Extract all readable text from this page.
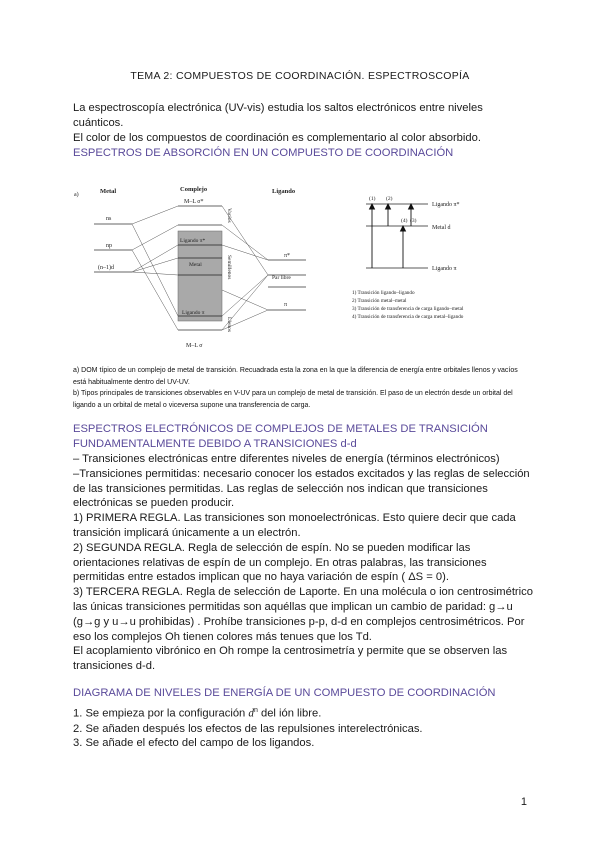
TEMA 2: COMPUESTOS DE COORDINACIÓN. ESPECTROSCOPÍA
La espectroscopía electrónica (UV-vis) estudia los saltos electrónicos entre niveles cuánticos.
El color de los compuestos de coordinación es complementario al color absorbido.
ESPECTROS DE ABSORCIÓN EN UN COMPUESTO DE COORDINACIÓN
a)	Metal	Complejo	Ligando
M–L σ*
Ligando π*
Metal
Ligando π
ns
np
(n–1)d
M–L σ
Vacíos
Semillenos
Llenos
π*
Par libre
π
(1) (2)
(4) (3)
Ligando π*
Metal d
Ligando π
1) Transición ligando–ligando
2) Transición metal–metal
3) Transición de transferencia de carga ligando–metal
4) Transición de transferencia de carga metal–ligando
a) DOM típico de un complejo de metal de transición. Recuadrada esta la zona en la que la diferencia de energía entre orbitales llenos y vacíos está habitualmente dentro del UV-UV.
b) Tipos principales de transiciones observables en V-UV para un complejo de metal de transición. El paso de un electrón desde un orbital del ligando a un orbital de metal o viceversa supone una transferencia de carga.
ESPECTROS ELECTRÓNICOS DE COMPLEJOS DE METALES DE TRANSICIÓN FUNDAMENTALMENTE DEBIDO A TRANSICIONES d-d
– Transiciones electrónicas entre diferentes niveles de energía (términos electrónicos)
–Transiciones permitidas: necesario conocer los estados excitados y las reglas de selección de las transiciones permitidas. Las reglas de selección nos indican que transiciones electrónicas se pueden producir.
1) PRIMERA REGLA. Las transiciones son monoelectrónicas. Esto quiere decir que cada transición implicará únicamente a un electrón.
2) SEGUNDA REGLA. Regla de selección de espín. No se pueden modificar las orientaciones relativas de espín de un complejo. En otras palabras, las transiciones permitidas entre estados implican que no haya variación de espín ( ΔS = 0).
3) TERCERA REGLA. Regla de selección de Laporte. En una molécula o ion centrosimétrico las únicas transiciones permitidas son aquéllas que implican un cambio de paridad: g→u (g→g y u→u prohibidas) . Prohíbe transiciones p-p, d-d en complejos centrosimétricos. Por eso los complejos Oh tienen colores más tenues que los Td.
El acoplamiento vibrónico en Oh rompe la centrosimetría y permite que se observen las transiciones d-d.
DIAGRAMA DE NIVELES DE ENERGÍA DE UN COMPUESTO DE COORDINACIÓN
1. Se empieza por la configuración $d^n$ del ión libre.
2. Se añaden después los efectos de las repulsiones interelectrónicas.
3. Se añade el efecto del campo de los ligandos.
1
